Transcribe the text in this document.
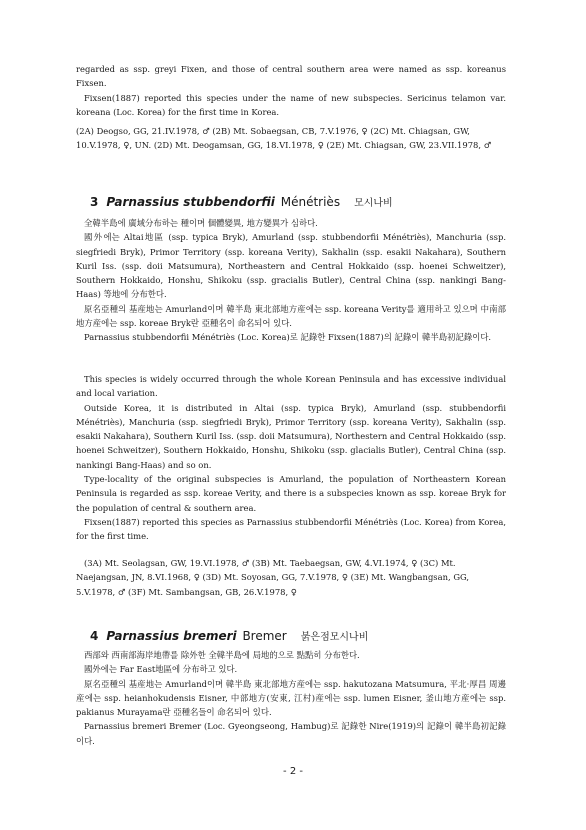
regarded as ssp. greyi Fixen, and those of central southern area were named as ssp. koreanus Fixsen.

Fixsen(1887) reported this species under the name of new subspecies. Sericinus telamon var. koreana (Loc. Korea) for the first time in Korea.

(2A) Deogso, GG, 21.IV.1978, ♂ (2B) Mt. Sobaegsan, CB, 7.V.1976, ♀ (2C) Mt. Chiagsan, GW, 10.V.1978, ♀, UN. (2D) Mt. Deogamsan, GG, 18.VI.1978, ♀ (2E) Mt. Chiagsan, GW, 23.VII.1978, ♂

3 Parnassius stubbendorfii Ménétriès 모시나비

全韓半島에 廣域分布하는 種이며 個體變異, 地方變異가 심하다.

國外에는 Altai地區 (ssp. typica Bryk), Amurland (ssp. stubbendorfii Ménétriès), Manchuria (ssp. siegfriedi Bryk), Primor Territory (ssp. koreana Verity), Sakhalin (ssp. esakii Nakahara), Southern Kuril Iss. (ssp. doii Matsumura), Northeastern and Central Hokkaido (ssp. hoenei Schweitzer), Southern Hokkaido, Honshu, Shikoku (ssp. gracialis Butler), Central China (ssp. nankingi Bang-Haas) 等地에 分布한다.

原名亞種의 基産地는 Amurland이며 韓半島 東北部地方産에는 ssp. koreana Verity를 適用하고 있으며 中南部地方産에는 ssp. koreae Bryk란 亞種名이 命名되어 있다.

Parnassius stubbendorfii Ménétriès (Loc. Korea)로 記錄한 Fixsen(1887)의 記錄이 韓半島初記錄이다.

This species is widely occurred through the whole Korean Peninsula and has excessive individual and local variation.

Outside Korea, it is distributed in Altai (ssp. typica Bryk), Amurland (ssp. stubbendorfii Ménétriès), Manchuria (ssp. siegfriedi Bryk), Primor Territory (ssp. koreana Verity), Sakhalin (ssp. esakii Nakahara), Southern Kuril Iss. (ssp. doii Matsumura), Northestern and Central Hokkaido (ssp. hoenei Schweitzer), Southern Hokkaido, Honshu, Shikoku (ssp. glacialis Butler), Central China (ssp. nankingi Bang-Haas) and so on.

Type-locality of the original subspecies is Amurland, the population of Northeastern Korean Peninsula is regarded as ssp. koreae Verity, and there is a subspecies known as ssp. koreae Bryk for the population of central & southern area.

Fixsen(1887) reported this species as Parnassius stubbendorfii Ménétriès (Loc. Korea) from Korea, for the first time.

(3A) Mt. Seolagsan, GW, 19.VI.1978, ♂ (3B) Mt. Taebaegsan, GW, 4.VI.1974, ♀ (3C) Mt. Naejangsan, JN, 8.VI.1968, ♀ (3D) Mt. Soyosan, GG, 7.V.1978, ♀ (3E) Mt. Wangbangsan, GG, 5.V.1978, ♂ (3F) Mt. Sambangsan, GB, 26.V.1978, ♀

4 Parnassius bremeri Bremer 붉은점모시나비

西部와 西南部海岸地帶를 除外한 全韓半島에 局地的으로 點點히 分布한다.

國外에는 Far East地區에 分布하고 있다.

原名亞種의 基産地는 Amurland이며 韓半島 東北部地方産에는 ssp. hakutozana Matsumura, 平北·厚昌 周邊産에는 ssp. heianhokudensis Eisner, 中部地方(安東, 江村)産에는 ssp. lumen Eisner, 釜山地方産에는 ssp. pakianus Murayama란 亞種名들이 命名되어 있다.

Parnassius bremeri Bremer (Loc. Gyeongseong, Hambug)로 記錄한 Nire(1919)의 記錄이 韓半島初記錄이다.

- 2 -
